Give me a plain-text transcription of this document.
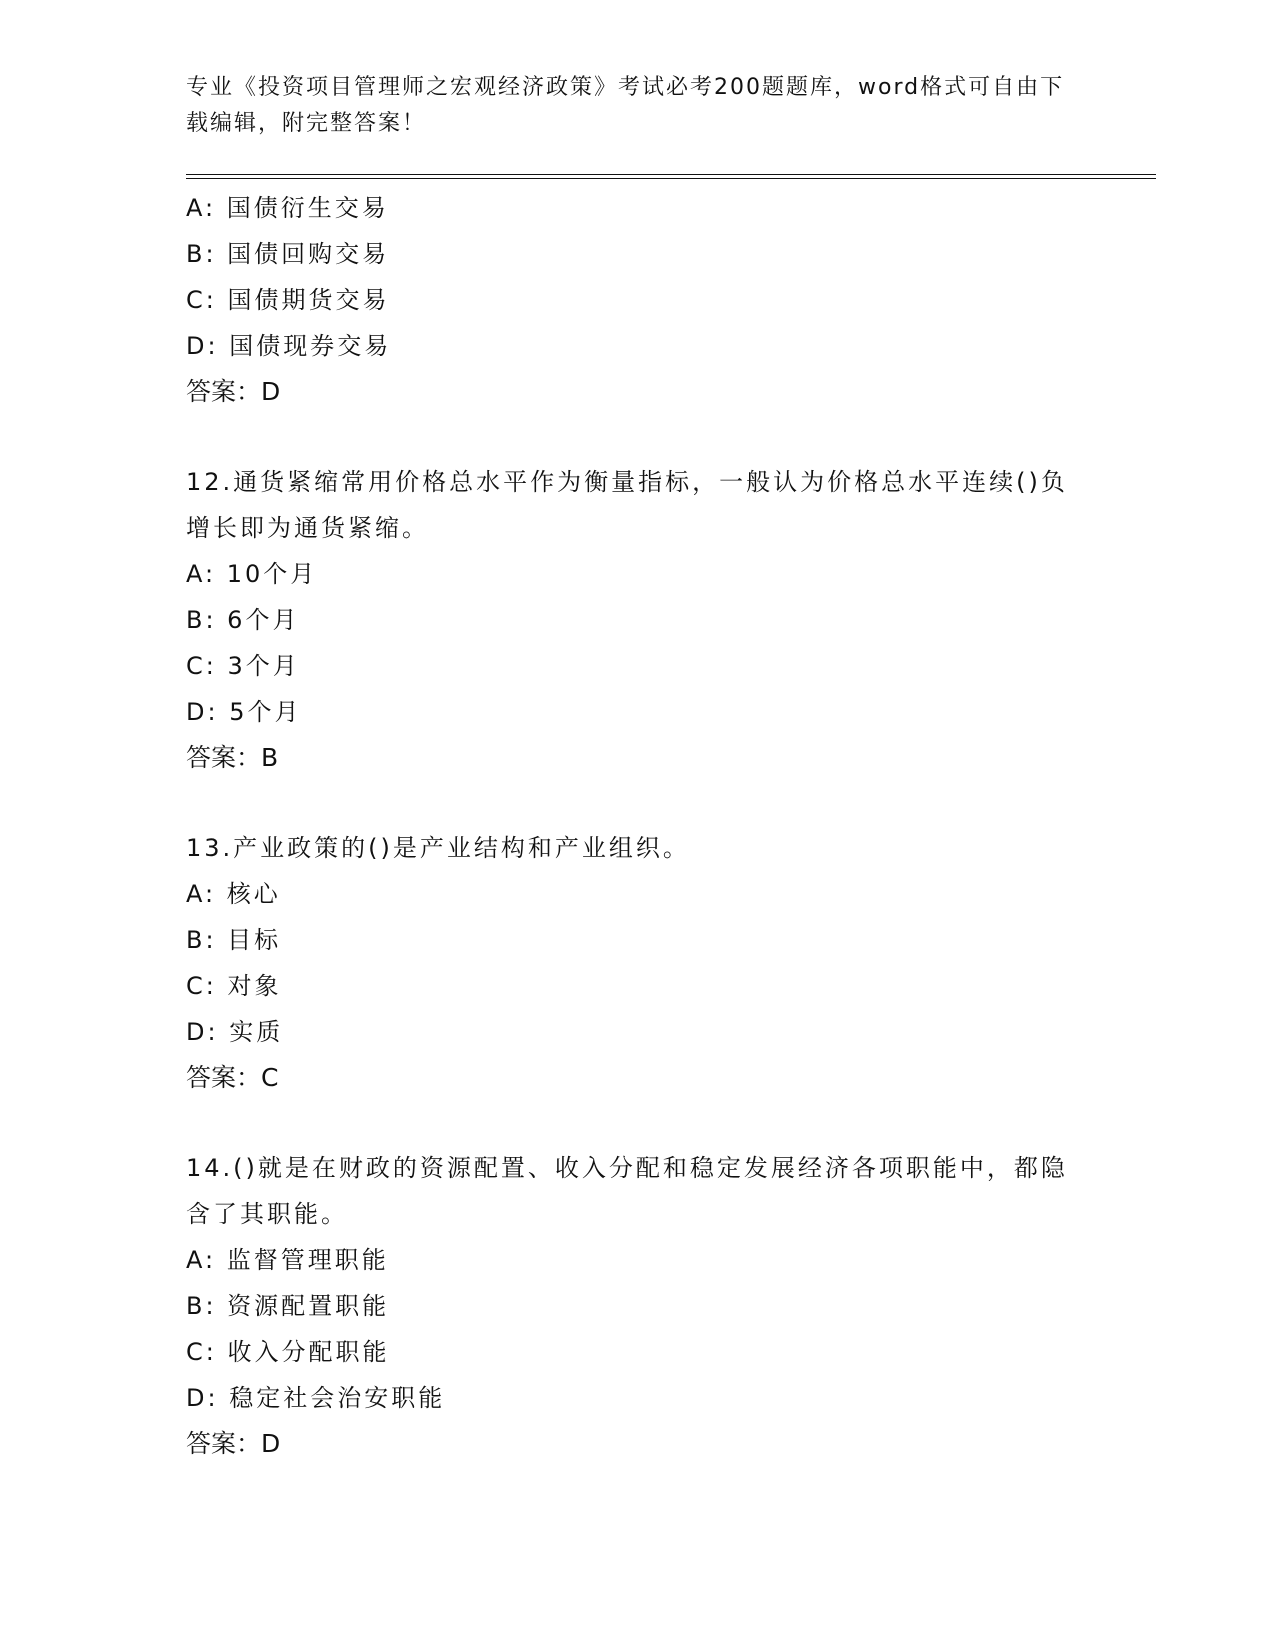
专业《投资项目管理师之宏观经济政策》考试必考200题题库，word格式可自由下载编辑，附完整答案！

A: 国债衍生交易
B: 国债回购交易
C: 国债期货交易
D: 国债现券交易
答案：D
12.通货紧缩常用价格总水平作为衡量指标，一般认为价格总水平连续()负增长即为通货紧缩。
A: 10个月
B: 6个月
C: 3个月
D: 5个月
答案：B
13.产业政策的()是产业结构和产业组织。
A: 核心
B: 目标
C: 对象
D: 实质
答案：C
14.()就是在财政的资源配置、收入分配和稳定发展经济各项职能中，都隐含了其职能。
A: 监督管理职能
B: 资源配置职能
C: 收入分配职能
D: 稳定社会治安职能
答案：D
